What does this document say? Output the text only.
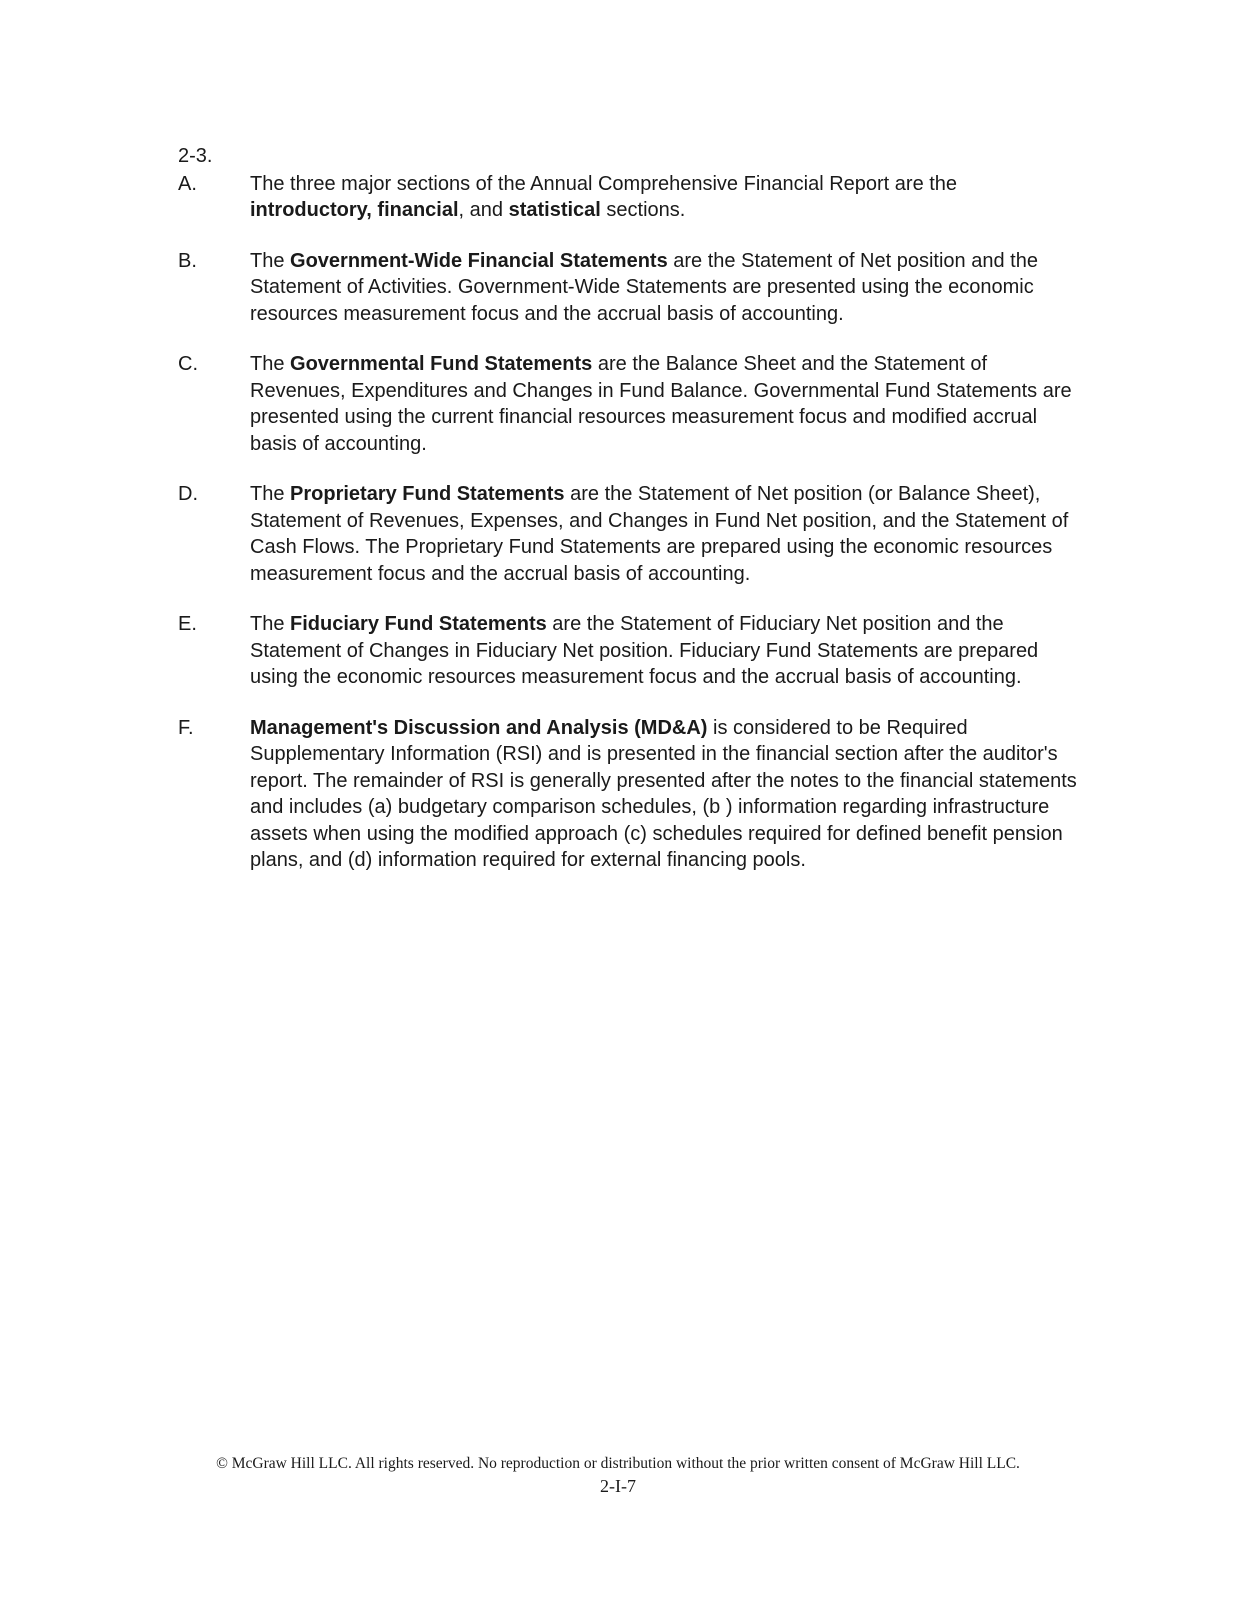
2-3.
A.	The three major sections of the Annual Comprehensive Financial Report are the introductory, financial, and statistical sections.
B.	The Government-Wide Financial Statements are the Statement of Net position and the Statement of Activities. Government-Wide Statements are presented using the economic resources measurement focus and the accrual basis of accounting.
C.	The Governmental Fund Statements are the Balance Sheet and the Statement of Revenues, Expenditures and Changes in Fund Balance. Governmental Fund Statements are presented using the current financial resources measurement focus and modified accrual basis of accounting.
D.	The Proprietary Fund Statements are the Statement of Net position (or Balance Sheet), Statement of Revenues, Expenses, and Changes in Fund Net position, and the Statement of Cash Flows. The Proprietary Fund Statements are prepared using the economic resources measurement focus and the accrual basis of accounting.
E.	The Fiduciary Fund Statements are the Statement of Fiduciary Net position and the Statement of Changes in Fiduciary Net position. Fiduciary Fund Statements are prepared using the economic resources measurement focus and the accrual basis of accounting.
F.	Management's Discussion and Analysis (MD&A) is considered to be Required Supplementary Information (RSI) and is presented in the financial section after the auditor's report. The remainder of RSI is generally presented after the notes to the financial statements and includes (a) budgetary comparison schedules, (b ) information regarding infrastructure assets when using the modified approach (c) schedules required for defined benefit pension plans, and (d) information required for external financing pools.
© McGraw Hill LLC. All rights reserved. No reproduction or distribution without the prior written consent of McGraw Hill LLC.
2-I-7
